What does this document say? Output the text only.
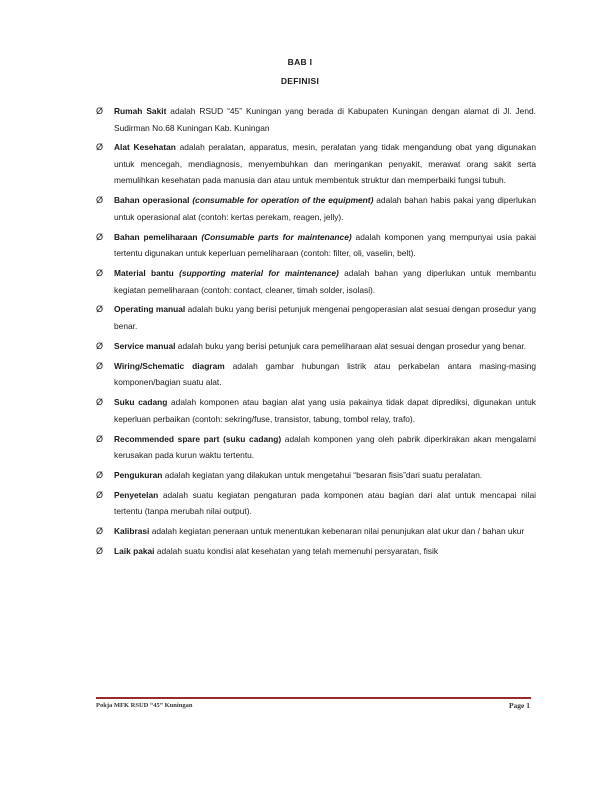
BAB I
DEFINISI
Ø Rumah Sakit adalah RSUD “45” Kuningan yang berada di Kabupaten Kuningan dengan alamat di Jl. Jend. Sudirman No.68 Kuningan Kab. Kuningan
Ø Alat Kesehatan adalah peralatan, apparatus, mesin, peralatan yang tidak mengandung obat yang digunakan untuk mencegah, mendiagnosis, menyembuhkan dan meringankan penyakit, merawat orang sakit serta memulihkan kesehatan pada manusia dan atau untuk membentuk struktur dan memperbaiki fungsi tubuh.
Ø Bahan operasional (consumable for operation of the equipment) adalah bahan habis pakai yang diperlukan untuk operasional alat (contoh: kertas perekam, reagen, jelly).
Ø Bahan pemeliharaan (Consumable parts for maintenance) adalah komponen yang mempunyai usia pakai tertentu digunakan untuk keperluan pemeliharaan (contoh: filter, oli, vaselin, belt).
Ø Material bantu (supporting material for maintenance) adalah bahan yang diperlukan untuk membantu kegiatan pemeliharaan (contoh: contact, cleaner, timah solder, isolasi).
Ø Operating manual adalah buku yang berisi petunjuk mengenai pengoperasian alat sesuai dengan prosedur yang benar.
Ø Service manual adalah buku yang berisi petunjuk cara pemeliharaan alat sesuai dengan prosedur yang benar.
Ø Wiring/Schematic diagram adalah gambar hubungan listrik atau perkabelan antara masing-masing komponen/bagian suatu alat.
Ø Suku cadang adalah komponen atau bagian alat yang usia pakainya tidak dapat diprediksi, digunakan untuk keperluan perbaikan (contoh: sekring/fuse, transistor, tabung, tombol relay, trafo).
Ø Recommended spare part (suku cadang) adalah komponen yang oleh pabrik diperkirakan akan mengalami kerusakan pada kurun waktu tertentu.
Ø Pengukuran adalah kegiatan yang dilakukan untuk mengetahui “besaran fisis”dari suatu peralatan.
Ø Penyetelan adalah suatu kegiatan pengaturan pada komponen atau bagian dari alat untuk mencapai nilai tertentu (tanpa merubah nilai output).
Ø Kalibrasi adalah kegiatan peneraan untuk menentukan kebenaran nilai penunjukan alat ukur dan / bahan ukur
Ø Laik pakai adalah suatu kondisi alat kesehatan yang telah memenuhi persyaratan, fisik
Pokja MFK RSUD “45” Kuningan	Page 1
